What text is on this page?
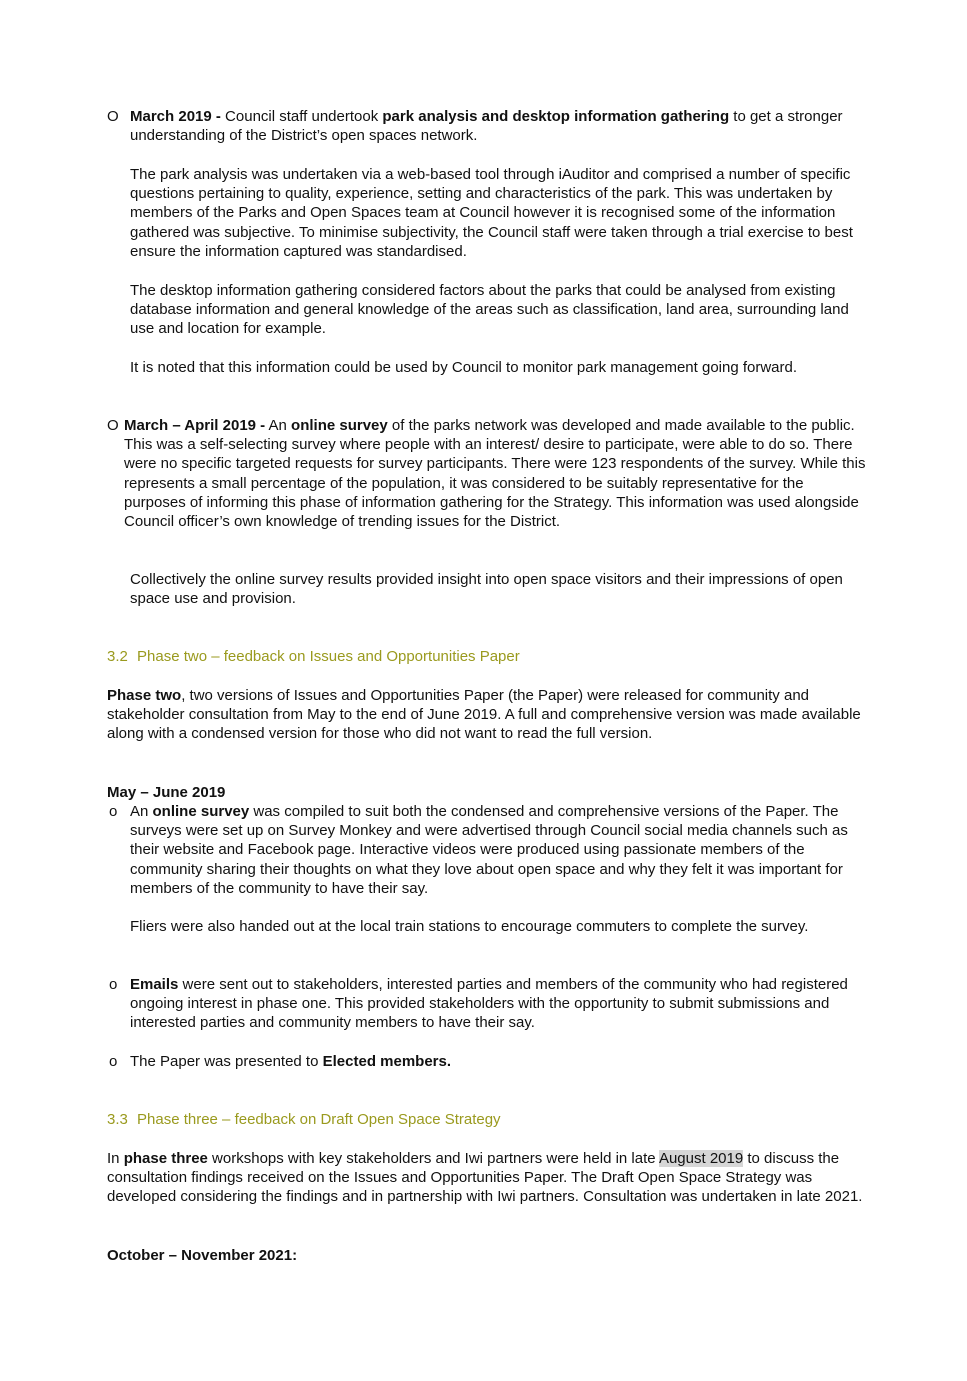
O March 2019 - Council staff undertook park analysis and desktop information gathering to get a stronger understanding of the District’s open spaces network.

The park analysis was undertaken via a web-based tool through iAuditor and comprised a number of specific questions pertaining to quality, experience, setting and characteristics of the park. This was undertaken by members of the Parks and Open Spaces team at Council however it is recognised some of the information gathered was subjective. To minimise subjectivity, the Council staff were taken through a trial exercise to best ensure the information captured was standardised.

The desktop information gathering considered factors about the parks that could be analysed from existing database information and general knowledge of the areas such as classification, land area, surrounding land use and location for example.

It is noted that this information could be used by Council to monitor park management going forward.

O March – April 2019 - An online survey of the parks network was developed and made available to the public. This was a self-selecting survey where people with an interest/ desire to participate, were able to do so. There were no specific targeted requests for survey participants. There were 123 respondents of the survey. While this represents a small percentage of the population, it was considered to be suitably representative for the purposes of informing this phase of information gathering for the Strategy. This information was used alongside Council officer’s own knowledge of trending issues for the District.

Collectively the online survey results provided insight into open space visitors and their impressions of open space use and provision.

3.2 Phase two – feedback on Issues and Opportunities Paper

Phase two, two versions of Issues and Opportunities Paper (the Paper) were released for community and stakeholder consultation from May to the end of June 2019. A full and comprehensive version was made available along with a condensed version for those who did not want to read the full version.

May – June 2019

o An online survey was compiled to suit both the condensed and comprehensive versions of the Paper. The surveys were set up on Survey Monkey and were advertised through Council social media channels such as their website and Facebook page. Interactive videos were produced using passionate members of the community sharing their thoughts on what they love about open space and why they felt it was important for members of the community to have their say.

Fliers were also handed out at the local train stations to encourage commuters to complete the survey.

o Emails were sent out to stakeholders, interested parties and members of the community who had registered ongoing interest in phase one. This provided stakeholders with the opportunity to submit submissions and interested parties and community members to have their say.

o The Paper was presented to Elected members.

3.3 Phase three – feedback on Draft Open Space Strategy

In phase three workshops with key stakeholders and Iwi partners were held in late August 2019 to discuss the consultation findings received on the Issues and Opportunities Paper. The Draft Open Space Strategy was developed considering the findings and in partnership with Iwi partners. Consultation was undertaken in late 2021.

October – November 2021:
